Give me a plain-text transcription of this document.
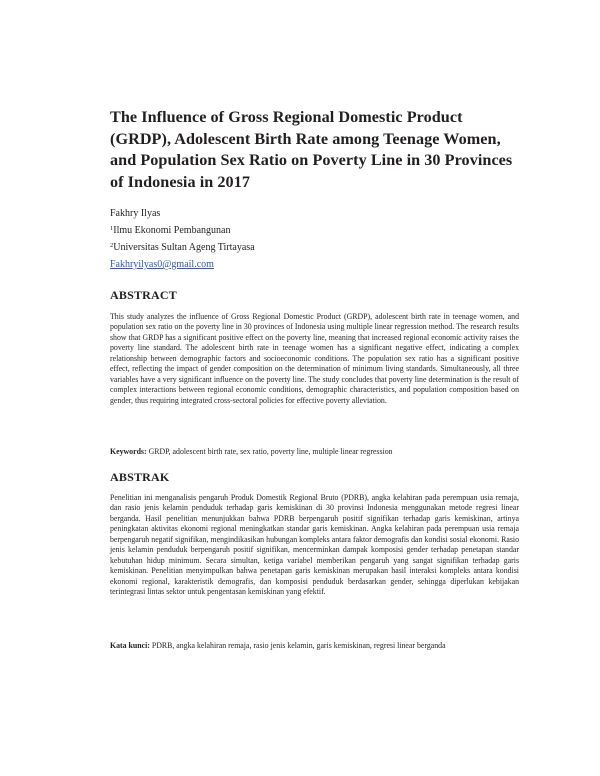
The Influence of Gross Regional Domestic Product (GRDP), Adolescent Birth Rate among Teenage Women, and Population Sex Ratio on Poverty Line in 30 Provinces of Indonesia in 2017
Fakhry Ilyas
$^1$Ilmu Ekonomi Pembangunan
$^2$Universitas Sultan Ageng Tirtayasa
Fakhryilyas0@gmail.com
ABSTRACT

This study analyzes the influence of Gross Regional Domestic Product (GRDP), adolescent birth rate in teenage women, and population sex ratio on the poverty line in 30 provinces of Indonesia using multiple linear regression method. The research results show that GRDP has a significant positive effect on the poverty line, meaning that increased regional economic activity raises the poverty line standard. The adolescent birth rate in teenage women has a significant negative effect, indicating a complex relationship between demographic factors and socioeconomic conditions. The population sex ratio has a significant positive effect, reflecting the impact of gender composition on the determination of minimum living standards. Simultaneously, all three variables have a very significant influence on the poverty line. The study concludes that poverty line determination is the result of complex interactions between regional economic conditions, demographic characteristics, and population composition based on gender, thus requiring integrated cross-sectoral policies for effective poverty alleviation.

Keywords: GRDP, adolescent birth rate, sex ratio, poverty line, multiple linear regression

ABSTRAK

Penelitian ini menganalisis pengaruh Produk Domestik Regional Bruto (PDRB), angka kelahiran pada perempuan usia remaja, dan rasio jenis kelamin penduduk terhadap garis kemiskinan di 30 provinsi Indonesia menggunakan metode regresi linear berganda. Hasil penelitian menunjukkan bahwa PDRB berpengaruh positif signifikan terhadap garis kemiskinan, artinya peningkatan aktivitas ekonomi regional meningkatkan standar garis kemiskinan. Angka kelahiran pada perempuan usia remaja berpengaruh negatif signifikan, mengindikasikan hubungan kompleks antara faktor demografis dan kondisi sosial ekonomi. Rasio jenis kelamin penduduk berpengaruh positif signifikan, mencerminkan dampak komposisi gender terhadap penetapan standar kebutuhan hidup minimum. Secara simultan, ketiga variabel memberikan pengaruh yang sangat signifikan terhadap garis kemiskinan. Penelitian menyimpulkan bahwa penetapan garis kemiskinan merupakan hasil interaksi kompleks antara kondisi ekonomi regional, karakteristik demografis, dan komposisi penduduk berdasarkan gender, sehingga diperlukan kebijakan terintegrasi lintas sektor untuk pengentasan kemiskinan yang efektif.

Kata kunci: PDRB, angka kelahiran remaja, rasio jenis kelamin, garis kemiskinan, regresi linear berganda
